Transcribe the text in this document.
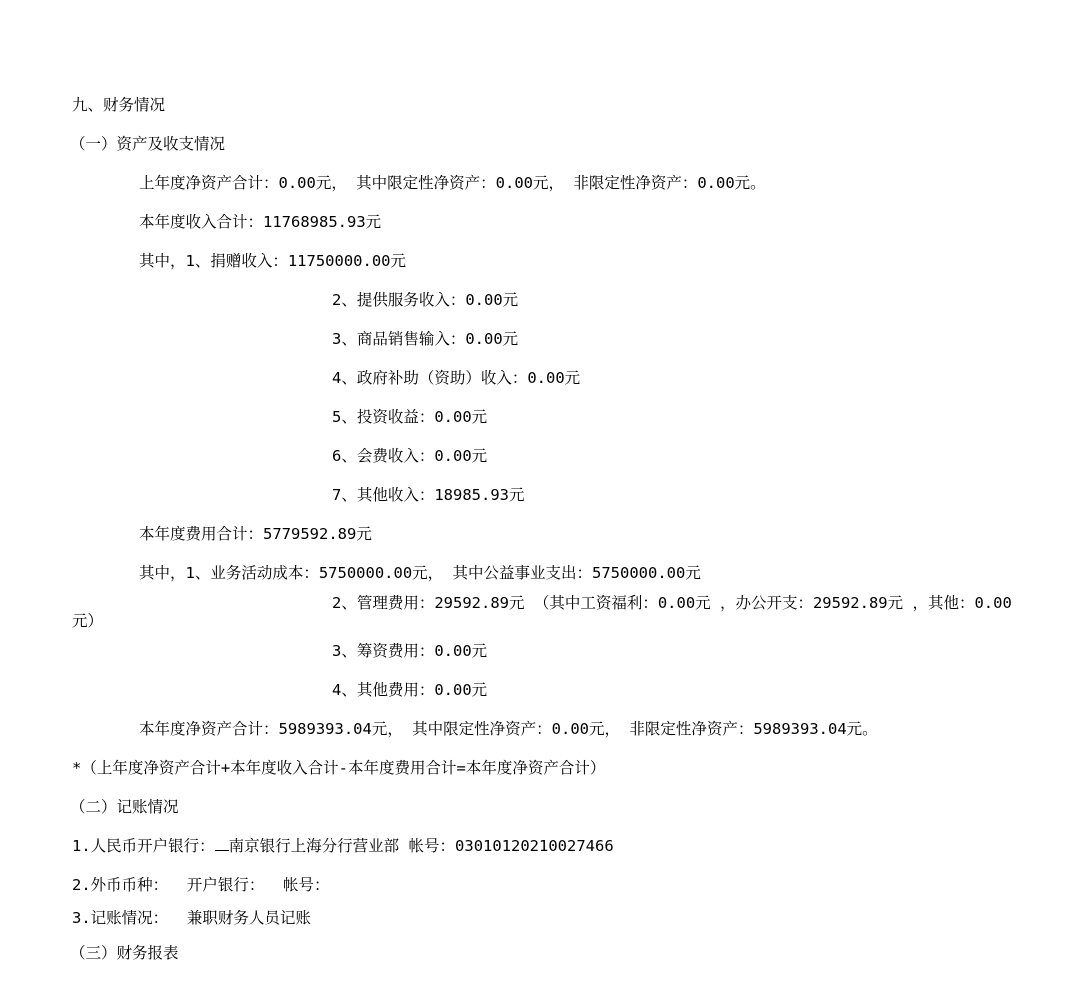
九、财务情况
（一）资产及收支情况
上年度净资产合计：0.00元， 其中限定性净资产：0.00元， 非限定性净资产：0.00元。
本年度收入合计：11768985.93元
其中，1、捐赠收入：11750000.00元
2、提供服务收入：0.00元
3、商品销售输入：0.00元
4、政府补助（资助）收入：0.00元
5、投资收益：0.00元
6、会费收入：0.00元
7、其他收入：18985.93元
本年度费用合计：5779592.89元
其中，1、业务活动成本：5750000.00元， 其中公益事业支出：5750000.00元
2、管理费用：29592.89元 （其中工资福利：0.00元 ，办公开支：29592.89元 ，其他：0.00
元）
3、筹资费用：0.00元
4、其他费用：0.00元
本年度净资产合计：5989393.04元， 其中限定性净资产：0.00元， 非限定性净资产：5989393.04元。
*（上年度净资产合计+本年度收入合计-本年度费用合计=本年度净资产合计）
（二）记账情况
1.人民币开户银行： 南京银行上海分行营业部 帐号：03010120210027466
2.外币币种：  开户银行：  帐号：
3.记账情况：  兼职财务人员记账
（三）财务报表
